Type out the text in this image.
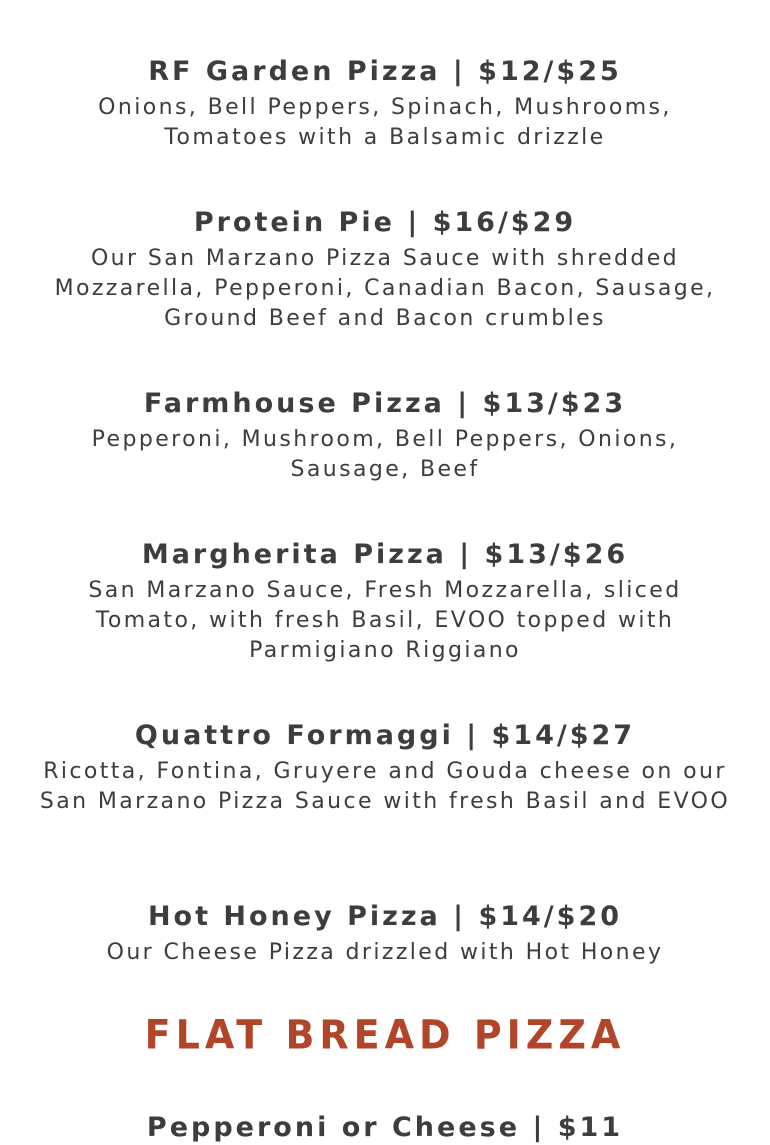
RF Garden Pizza | $12/$25

Onions, Bell Peppers, Spinach, Mushrooms, Tomatoes with a Balsamic drizzle

Protein Pie | $16/$29

Our San Marzano Pizza Sauce with shredded Mozzarella, Pepperoni, Canadian Bacon, Sausage, Ground Beef and Bacon crumbles

Farmhouse Pizza | $13/$23

Pepperoni, Mushroom, Bell Peppers, Onions, Sausage, Beef

Margherita Pizza | $13/$26

San Marzano Sauce, Fresh Mozzarella, sliced Tomato, with fresh Basil, EVOO topped with Parmigiano Riggiano

Quattro Formaggi | $14/$27

Ricotta, Fontina, Gruyere and Gouda cheese on our San Marzano Pizza Sauce with fresh Basil and EVOO

Hot Honey Pizza | $14/$20

Our Cheese Pizza drizzled with Hot Honey

FLAT BREAD PIZZA

Pepperoni or Cheese | $11
